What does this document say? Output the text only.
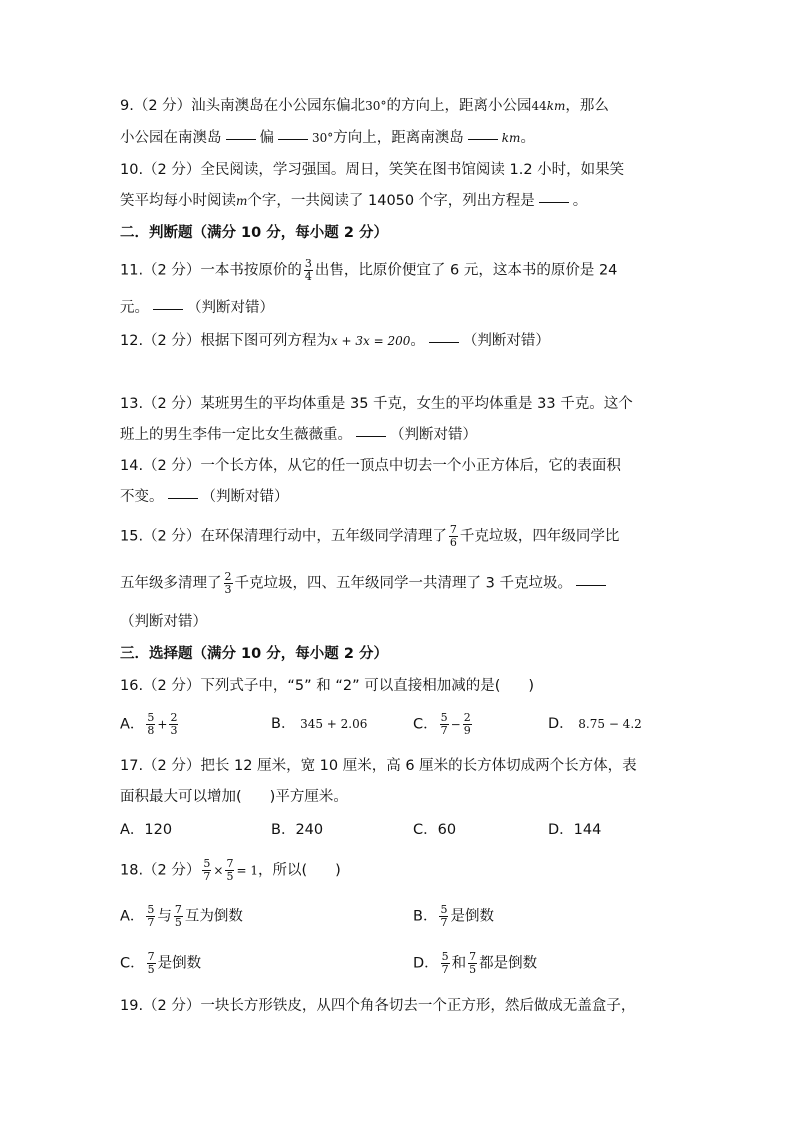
9.（2 分）汕头南澳岛在小公园东偏北30°的方向上，距离小公园44km，那么
小公园在南澳岛	偏	30°方向上，距离南澳岛	km。
10.（2 分）全民阅读，学习强国。周日，笑笑在图书馆阅读 1.2 小时，如果笑
笑平均每小时阅读m个字，一共阅读了 14050 个字，列出方程是	。
二．判断题（满分 10 分，每小题 2 分）
11.（2 分）一本书按原价的 $\frac{3}{4}$ 出售，比原价便宜了 6 元，这本书的原价是 24
元。	（判断对错）
12.（2 分）根据下图可列方程为x + 3x = 200。	（判断对错）
13.（2 分）某班男生的平均体重是 35 千克，女生的平均体重是 33 千克。这个
班上的男生李伟一定比女生薇薇重。	（判断对错）
14.（2 分）一个长方体，从它的任一顶点中切去一个小正方体后，它的表面积
不变。	（判断对错）
15.（2 分）在环保清理行动中，五年级同学清理了 $\frac{7}{6}$ 千克垃圾，四年级同学比
五年级多清理了 $\frac{2}{3}$ 千克垃圾，四、五年级同学一共清理了 3 千克垃圾。
（判断对错）
三．选择题（满分 10 分，每小题 2 分）
16.（2 分）下列式子中，“5” 和 “2” 可以直接相加减的是( )
A． $\frac{5}{8} + \frac{2}{3}$	B． 345 + 2.06	C． $\frac{5}{7} - \frac{2}{9}$	D． 8.75 − 4.2
17.（2 分）把长 12 厘米，宽 10 厘米，高 6 厘米的长方体切成两个长方体，表
面积最大可以增加( )平方厘米。
A．120	B．240	C．60	D．144
18.（2 分） $\frac{5}{7} \times \frac{7}{5} = 1$，所以( )
A． $\frac{5}{7}$ 与 $\frac{7}{5}$ 互为倒数	B． $\frac{5}{7}$ 是倒数
C． $\frac{7}{5}$ 是倒数	D． $\frac{5}{7}$ 和 $\frac{7}{5}$ 都是倒数
19.（2 分）一块长方形铁皮，从四个角各切去一个正方形，然后做成无盖盒子，
